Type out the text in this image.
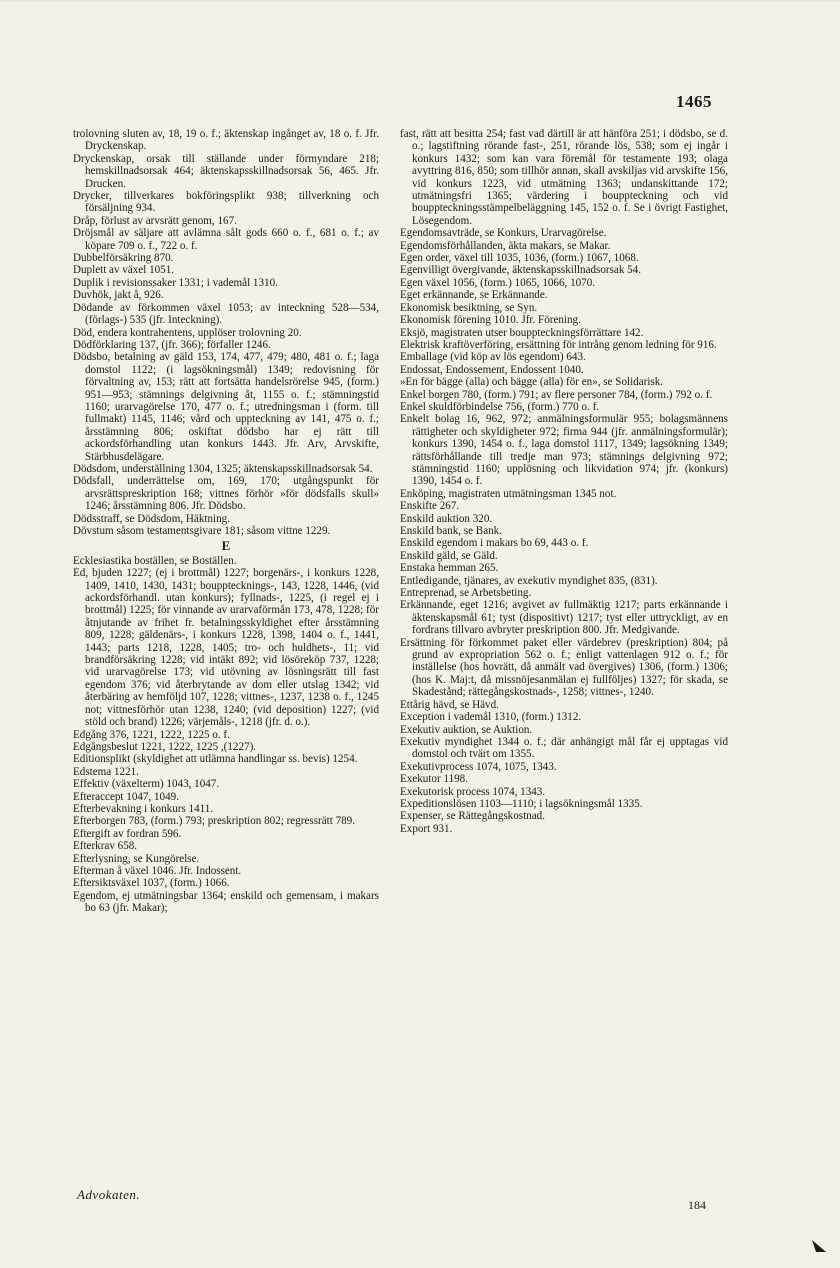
1465

trolovning sluten av, 18, 19 o. f.; äktenskap ingånget av, 18 o. f. Jfr. Dryckenskap.

Dryckenskap, orsak till ställande under förmyndare 218; hemskillnadsorsak 464; äktenskapsskillnadsorsak 56, 465. Jfr. Drucken.

Drycker, tillverkares bokföringsplikt 938; tillverkning och försäljning 934.

Dråp, förlust av arvsrätt genom, 167.

Dröjsmål av säljare att avlämna sålt gods 660 o. f., 681 o. f.; av köpare 709 o. f., 722 o. f.

Dubbelförsäkring 870.

Duplett av växel 1051.

Duplik i revisionssaker 1331; i vademål 1310.

Duvhök, jakt å, 926.

Dödande av förkommen växel 1053; av inteckning 528—534, (förlags-) 535 (jfr. Inteckning).

Död, endera kontrahentens, upplöser trolovning 20.

Dödförklaring 137, (jfr. 366); förfaller 1246.

Dödsbo, betalning av gäld 153, 174, 477, 479; 480, 481 o. f.; laga domstol 1122; (i lagsökningsmål) 1349; redovisning för förvaltning av, 153; rätt att fortsätta handelsrörelse 945, (form.) 951—953; stämnings delgivning åt, 1155 o. f.; stämningstid 1160; urarvagörelse 170, 477 o. f.; utredningsman i (form. till fullmakt) 1145, 1146; vård och uppteckning av 141, 475 o. f.; årsstämning 806; oskiftat dödsbo har ej rätt till ackordsförhandling utan konkurs 1443. Jfr. Arv, Arvskifte, Stärbhusdelägare.

Dödsdom, underställning 1304, 1325; äktenskapsskillnadsorsak 54.

Dödsfall, underrättelse om, 169, 170; utgångspunkt för arvsrättspreskription 168; vittnes förhör »för dödsfalls skull» 1246; årsstämning 806. Jfr. Dödsbo.

Dödsstraff, se Dödsdom, Häktning.

Dövstum såsom testamentsgivare 181; såsom vittne 1229.

E

Ecklesiastika boställen, se Boställen.

Ed, bjuden 1227; (ej i brottmål) 1227; borgenärs-, i konkurs 1228, 1409, 1410, 1430, 1431; boupptecknings-, 143, 1228, 1446, (vid ackordsförhandl. utan konkurs); fyllnads-, 1225, (i regel ej i brottmål) 1225; för vinnande av urarvaförmån 173, 478, 1228; för åtnjutande av frihet fr. betalningsskyldighet efter årsstämning 809, 1228; gäldenärs-, i konkurs 1228, 1398, 1404 o. f., 1441, 1443; parts 1218, 1228, 1405; tro- och huldhets-, 11; vid brandförsäkring 1228; vid intäkt 892; vid lösöreköp 737, 1228; vid urarvagörelse 173; vid utövning av lösningsrätt till fast egendom 376; vid återbrytande av dom eller utslag 1342; vid återbäring av hemföljd 107, 1228; vittnes-, 1237, 1238 o. f., 1245 not; vittnesförhör utan 1238, 1240; (vid deposition) 1227; (vid stöld och brand) 1226; värjemåls-, 1218 (jfr. d. o.).

Edgång 376, 1221, 1222, 1225 o. f.

Edgångsbeslut 1221, 1222, 1225 ,(1227).

Editionsplikt (skyldighet att utlämna handlingar ss. bevis) 1254.

Edstema 1221.

Effektiv (växelterm) 1043, 1047.

Efteraccept 1047, 1049.

Efterbevakning i konkurs 1411.

Efterborgen 783, (form.) 793; preskription 802; regressrätt 789.

Eftergift av fordran 596.

Efterkrav 658.

Efterlysning, se Kungörelse.

Efterman å växel 1046. Jfr. Indossent.

Eftersiktsväxel 1037, (form.) 1066.

Egendom, ej utmätningsbar 1364; enskild och gemensam, i makars bo 63 (jfr. Makar);

fast, rätt att besitta 254; fast vad därtill är att hänföra 251; i dödsbo, se d. o.; lagstiftning rörande fast-, 251, rörande lös, 538; som ej ingår i konkurs 1432; som kan vara föremål för testamente 193; olaga avyttring 816, 850; som tillhör annan, skall avskiljas vid arvskifte 156, vid konkurs 1223, vid utmätning 1363; undanskittande 172; utmätningsfri 1365; värdering i bouppteckning och vid bouppteckningsstämpelbeläggning 145, 152 o. f. Se i övrigt Fastighet, Lösegendom.

Egendomsavträde, se Konkurs, Urarvagörelse.

Egendomsförhållanden, äkta makars, se Makar.

Egen order, växel till 1035, 1036, (form.) 1067, 1068.

Egenvilligt övergivande, äktenskapsskillnadsorsak 54.

Egen växel 1056, (form.) 1065, 1066, 1070.

Eget erkännande, se Erkännande.

Ekonomisk besiktning, se Syn.

Ekonomisk förening 1010. Jfr. Förening.

Eksjö, magistraten utser bouppteckningsförrättare 142.

Elektrisk kraftöverföring, ersättning för intrång genom ledning för 916.

Emballage (vid köp av lös egendom) 643.

Endossat, Endossement, Endossent 1040.

»En för bägge (alla) och bägge (alla) för en», se Solidarisk.

Enkel borgen 780, (form.) 791; av flere personer 784, (form.) 792 o. f.

Enkel skuldförbindelse 756, (form.) 770 o. f.

Enkelt bolag 16, 962, 972; anmälningsformulär 955; bolagsmännens rättigheter och skyldigheter 972; firma 944 (jfr. anmälningsformulär); konkurs 1390, 1454 o. f., laga domstol 1117, 1349; lagsökning 1349; rättsförhållande till tredje man 973; stämnings delgivning 972; stämningstid 1160; upplösning och likvidation 974; jfr. (konkurs) 1390, 1454 o. f.

Enköping, magistraten utmätningsman 1345 not.

Enskifte 267.

Enskild auktion 320.

Enskild bank, se Bank.

Enskild egendom i makars bo 69, 443 o. f.

Enskild gäld, se Gäld.

Enstaka hemman 265.

Entledigande, tjänares, av exekutiv myndighet 835, (831).

Entreprenad, se Arbetsbeting.

Erkännande, eget 1216; avgivet av fullmäktig 1217; parts erkännande i äktenskapsmål 61; tyst (dispositivt) 1217; tyst eller uttryckligt, av en fordrans tillvaro avbryter preskription 800. Jfr. Medgivande.

Ersättning för förkommet paket eller värdebrev (preskription) 804; på grund av expropriation 562 o. f.; enligt vattenlagen 912 o. f.; för inställelse (hos hovrätt, då anmält vad övergives) 1306, (form.) 1306; (hos K. Maj:t, då missnöjesanmälan ej fullföljes) 1327; för skada, se Skadestånd; rättegångskostnads-, 1258; vittnes-, 1240.

Ettårig hävd, se Hävd.

Exception i vademål 1310, (form.) 1312.

Exekutiv auktion, se Auktion.

Exekutiv myndighet 1344 o. f.; där anhängigt mål får ej upptagas vid domstol och tvärt om 1355.

Exekutivprocess 1074, 1075, 1343.

Exekutor 1198.

Exekutorisk process 1074, 1343.

Expeditionslösen 1103—1110; i lagsökningsmål 1335.

Expenser, se Rättegångskostnad.

Export 931.

Advokaten.
184
